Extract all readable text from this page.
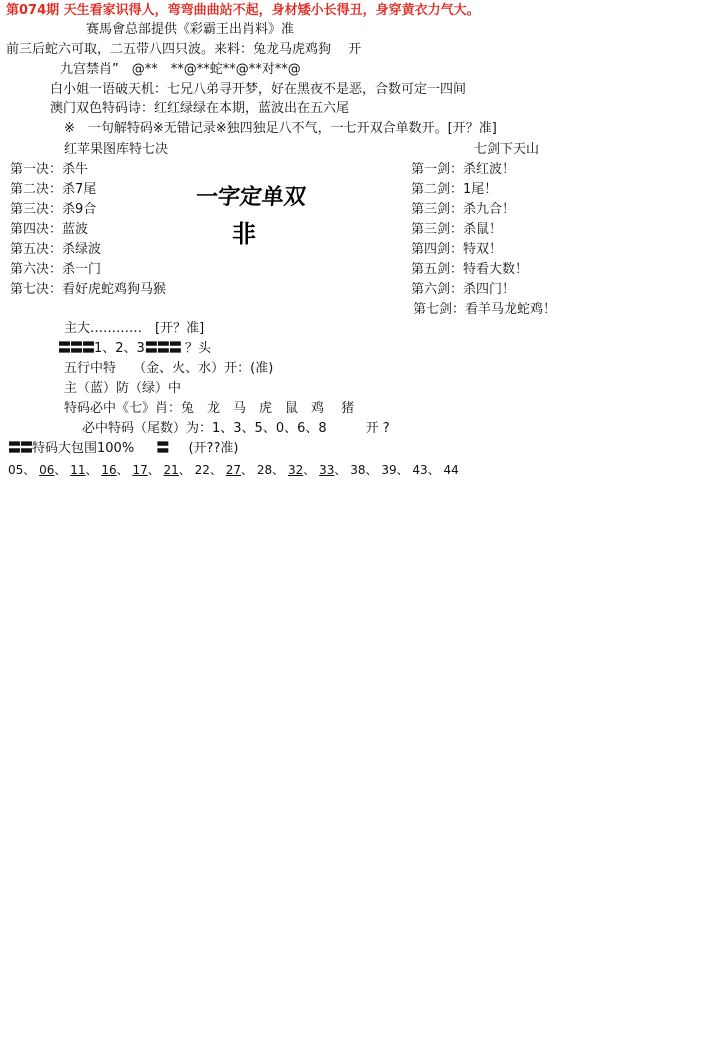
第074期 天生看家识得人，弯弯曲曲站不起，身材矮小长得丑，身穿黄衣力气大。
赛馬會总部提供《彩霸王出肖料》准
前三后蛇六可取，二五带八四只波。来料：兔龙马虎鸡狗　 开
九宫禁肖”　@**　**@**蛇**@**对**@
白小姐一语破天机：七兄八弟寻开梦，好在黑夜不是恶，合数可定一四间
澳门双色特码诗：红红绿绿在本期，蓝波出在五六尾
※　一句解特码※无错记录※独四独足八不气，一七开双合单数开。[开？准]
红苹果图库特七决	七剑下天山
第一决：杀牛
第二决：杀7尾
第三决：杀9合
第四决：蓝波
第五决：杀绿波
第六决：杀一门
第七决：看好虎蛇鸡狗马猴
一字定单双
非
第一剑：杀红波！
第二剑：1尾！
第三剑：杀九合！
第三剑：杀鼠！
第四剑：特双！
第五剑：特看大数！
第六剑：杀四门！
第七剑：看羊马龙蛇鸡！
主大…………　[开？准]
〓〓〓1、2、3〓〓〓 ？头
五行中特　 （金、火、水）开：(准)
主（蓝）防（绿）中
特码必中《七》肖：兔　龙　马　虎　鼠　鸡　 猪
必中特码（尾数）为：1、3、5、0、6、8　　　开 ?
〓〓特码大包围100% 〓 (开??准)
05、 06、 11、 16、 17、 21、 22、 27、 28、 32、 33、 38、 39、 43、 44
